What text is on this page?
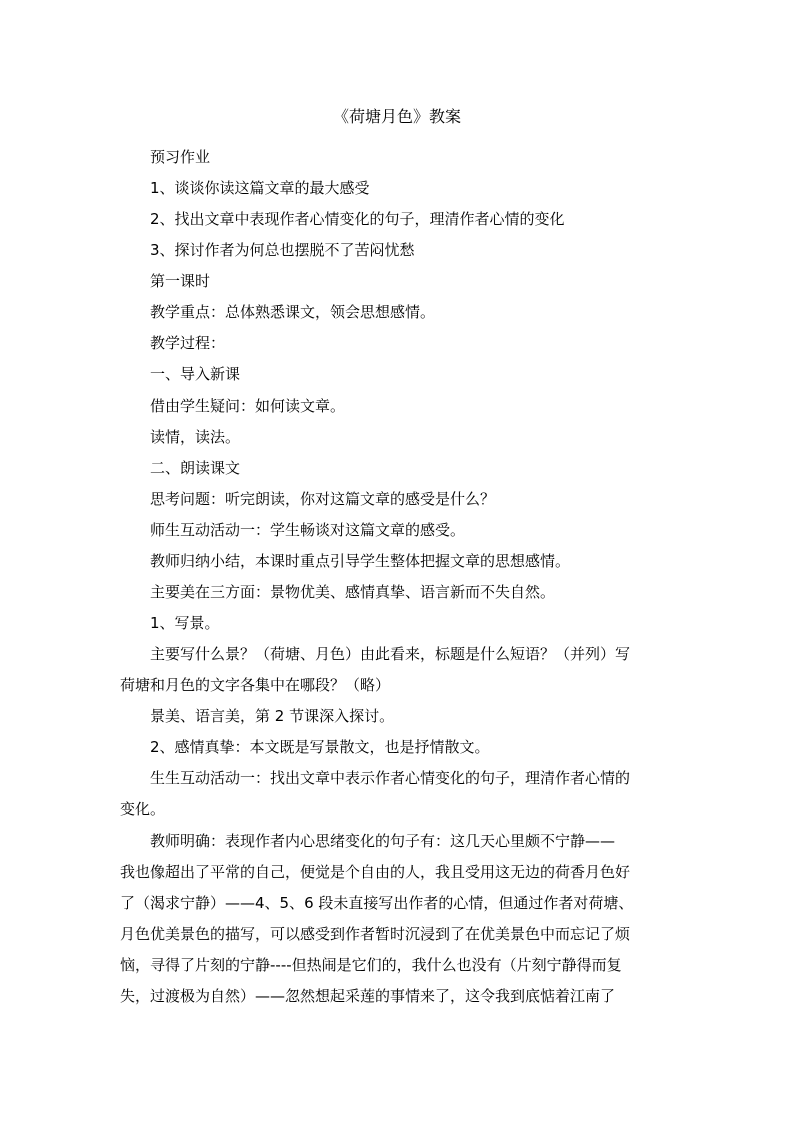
《荷塘月色》教案
预习作业
1、谈谈你读这篇文章的最大感受
2、找出文章中表现作者心情变化的句子，理清作者心情的变化
3、探讨作者为何总也摆脱不了苦闷忧愁
第一课时
教学重点：总体熟悉课文，领会思想感情。
教学过程：
一、导入新课
借由学生疑问：如何读文章。
读情，读法。
二、朗读课文
思考问题：听完朗读，你对这篇文章的感受是什么？
师生互动活动一：学生畅谈对这篇文章的感受。
教师归纳小结，本课时重点引导学生整体把握文章的思想感情。
主要美在三方面：景物优美、感情真挚、语言新而不失自然。
1、写景。
主要写什么景？（荷塘、月色）由此看来，标题是什么短语？（并列）写
荷塘和月色的文字各集中在哪段？（略）
景美、语言美，第 2 节课深入探讨。
2、感情真挚：本文既是写景散文，也是抒情散文。
生生互动活动一：找出文章中表示作者心情变化的句子，理清作者心情的
变化。
教师明确：表现作者内心思绪变化的句子有：这几天心里颇不宁静——
我也像超出了平常的自己，便觉是个自由的人，我且受用这无边的荷香月色好
了（渴求宁静）——4、5、6 段未直接写出作者的心情，但通过作者对荷塘、
月色优美景色的描写，可以感受到作者暂时沉浸到了在优美景色中而忘记了烦
恼，寻得了片刻的宁静----但热闹是它们的，我什么也没有（片刻宁静得而复
失，过渡极为自然）——忽然想起采莲的事情来了，这令我到底惦着江南了
